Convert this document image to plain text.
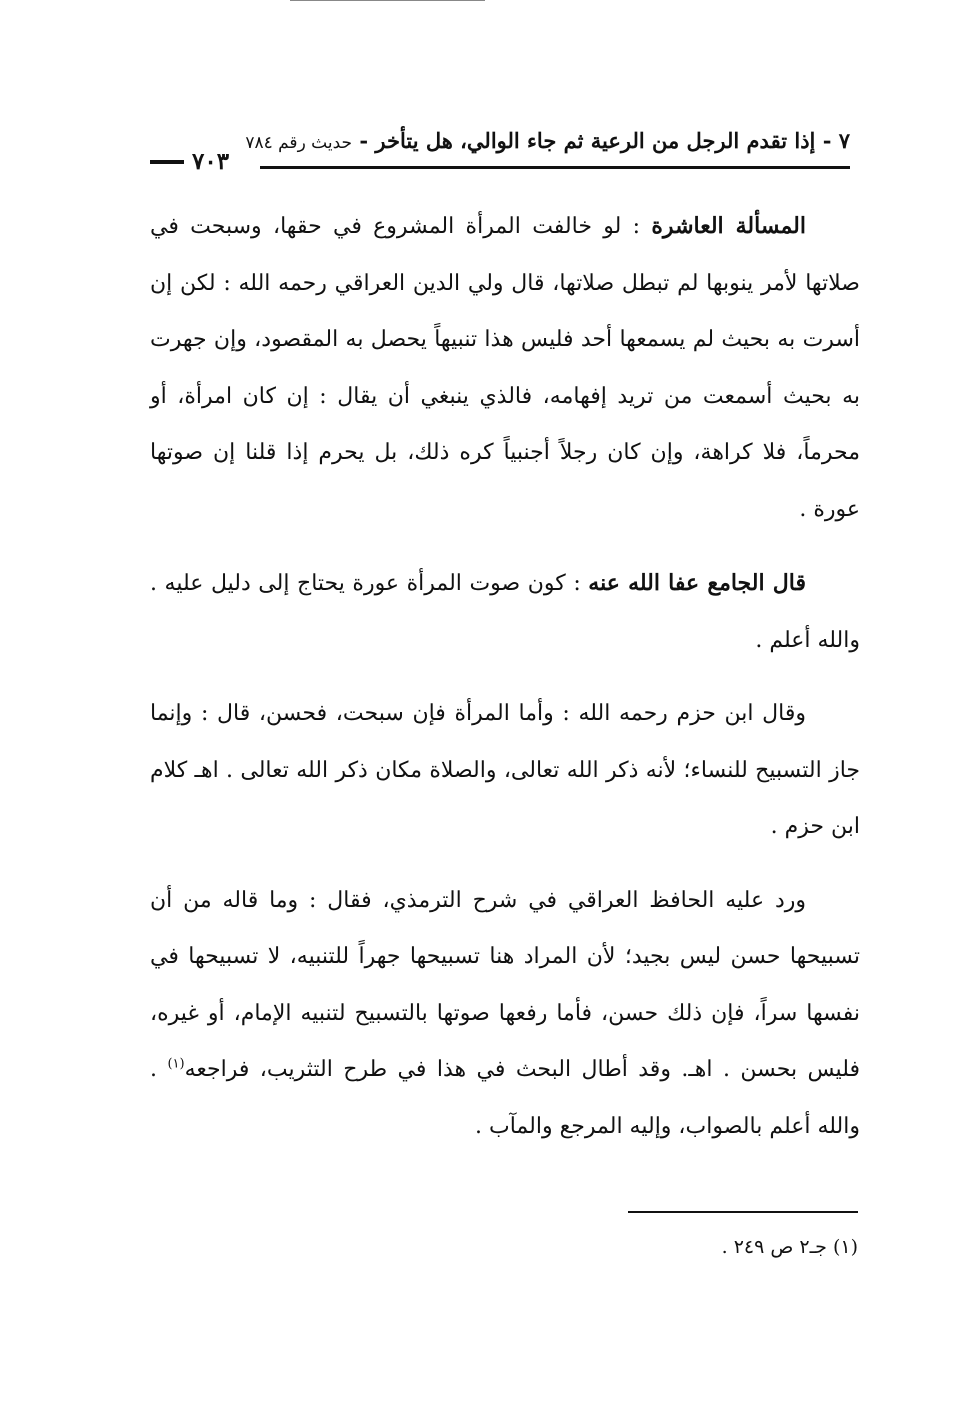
٧ - إذا تقدم الرجل من الرعية ثم جاء الوالي، هل يتأخر - حديث رقم ٧٨٤
٧٠٣

المسألة العاشرة : لو خالفت المرأة المشروع في حقها، وسبحت في صلاتها لأمر ينوبها لم تبطل صلاتها، قال ولي الدين العراقي رحمه الله : لكن إن أسرت به بحيث لم يسمعها أحد فليس هذا تنبيهاً يحصل به المقصود، وإن جهرت به بحيث أسمعت من تريد إفهامه، فالذي ينبغي أن يقال : إن كان امرأة، أو محرماً، فلا كراهة، وإن كان رجلاً أجنبياً كره ذلك، بل يحرم إذا قلنا إن صوتها عورة .

قال الجامع عفا الله عنه : كون صوت المرأة عورة يحتاج إلى دليل عليه . والله أعلم .

وقال ابن حزم رحمه الله : وأما المرأة فإن سبحت، فحسن، قال : وإنما جاز التسبيح للنساء؛ لأنه ذكر الله تعالى، والصلاة مكان ذكر الله تعالى . اهـ كلام ابن حزم .

ورد عليه الحافظ العراقي في شرح الترمذي، فقال : وما قاله من أن تسبيحها حسن ليس بجيد؛ لأن المراد هنا تسبيحها جهراً للتنبيه، لا تسبيحها في نفسها سراً، فإن ذلك حسن، فأما رفعها صوتها بالتسبيح لتنبيه الإمام، أو غيره، فليس بحسن . اهـ. وقد أطال البحث في هذا في طرح التثريب، فراجعه$^{(١)}$ . والله أعلم بالصواب، وإليه المرجع والمآب .

(١) جـ٢ ص ٢٤٩ .
